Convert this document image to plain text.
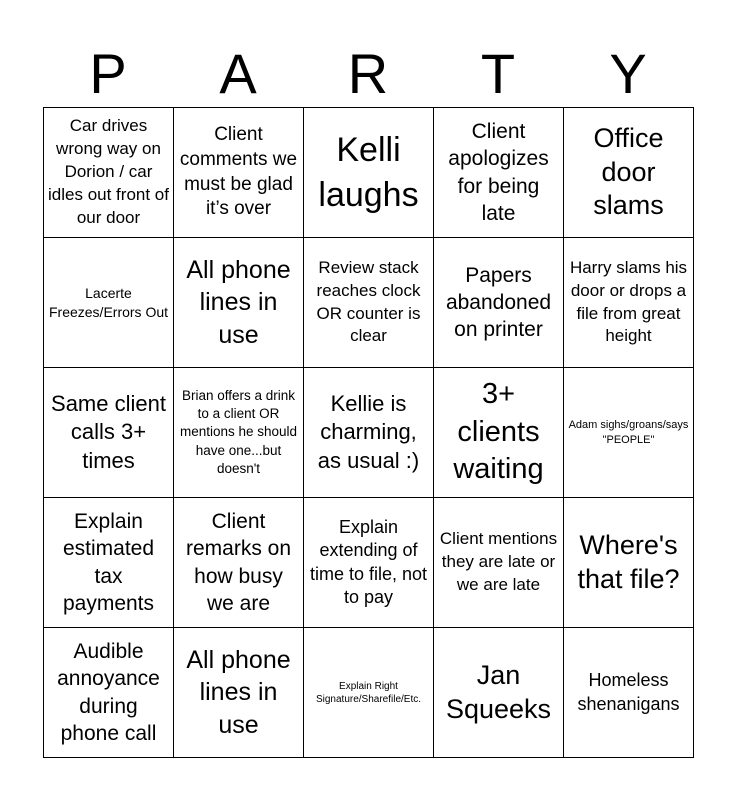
P	A	R	T	Y
Car drives wrong way on Dorion / car idles out front of our door	Client comments we must be glad it’s over	Kelli laughs	Client apologizes for being late	Office door slams
Lacerte Freezes/Errors Out	All phone lines in use	Review stack reaches clock OR counter is clear	Papers abandoned on printer	Harry slams his door or drops a file from great height
Same client calls 3+ times	Brian offers a drink to a client OR mentions he should have one...but doesn't	Kellie is charming, as usual :)	3+ clients waiting	Adam sighs/groans/says "PEOPLE"
Explain estimated tax payments	Client remarks on how busy we are	Explain extending of time to file, not to pay	Client mentions they are late or we are late	Where's that file?
Audible annoyance during phone call	All phone lines in use	Explain Right Signature/Sharefile/Etc.	Jan Squeeks	Homeless shenanigans
